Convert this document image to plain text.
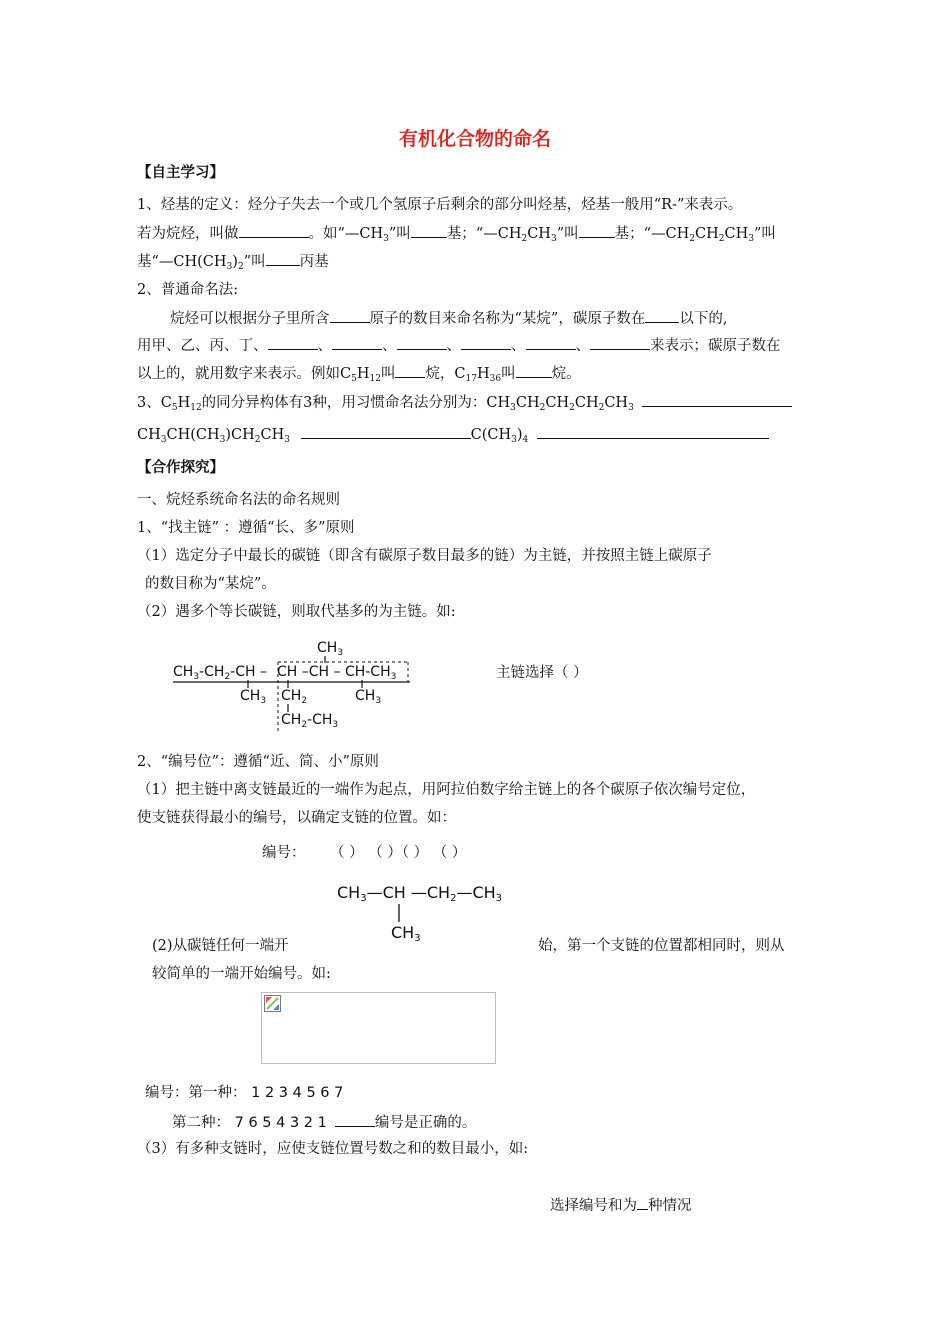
有机化合物的命名
【自主学习】
1、烃基的定义：烃分子失去一个或几个氢原子后剩余的部分叫烃基，烃基一般用“R-”来表示。
若为烷烃，叫做	。如“$—CH_3$”叫 基；“$—CH_2CH_3$”叫 基；“$—CH_2CH_2CH_3$”叫
基“$—CH(CH_3)_2$”叫 丙基
2、普通命名法:
烷烃可以根据分子里所含	原子的数目来命名称为“某烷”，碳原子数在 以下的,
用甲、乙、丙、丁、	、	、	、	、	、	来表示；碳原子数在
以上的，就用数字来表示。例如$C_5H_{12}$叫 烷，$C_{17}H_{36}$叫 烷。
3、$C_5H_{12}$的同分异构体有3种，用习惯命名法分别为：$CH_3CH_2CH_2CH_2CH_3$
$CH_3CH(CH_3)CH_2CH_3$	$C(CH_3)_4$
【合作探究】
一、烷烃系统命名法的命名规则
1、“找主链” ：遵循“长、多”原则
（1）选定分子中最长的碳链（即含有碳原子数目最多的链）为主链，并按照主链上碳原子
的数目称为“某烷”。
（2）遇多个等长碳链，则取代基多的为主链。如:
$CH_3$
$CH_3-CH_2-CH$ – CH $-CH - CH-CH_3$
$CH_3$ $CH_2$	$CH_3$
$CH_2-CH_3$
主链选择（ ）
2、“编号位”：遵循“近、简、小”原则
（1）把主链中离支链最近的一端作为起点，用阿拉伯数字给主链上的各个碳原子依次编号定位，
使支链获得最小的编号，以确定支链的位置。如：
编号： （ ） （ ）（ ） （ ）
CH3—CH —CH2—CH3
CH3
(2)从碳链任何一端开	始，第一个支链的位置都相同时，则从
较简单的一端开始编号。如:
编号：第一种： 1 2 3 4 5 6 7
第二种： 7 6 5 4 3 2 1	编号是正确的。
（3）有多种支链时，应使支链位置号数之和的数目最小，如:
选择编号和为 种情况
